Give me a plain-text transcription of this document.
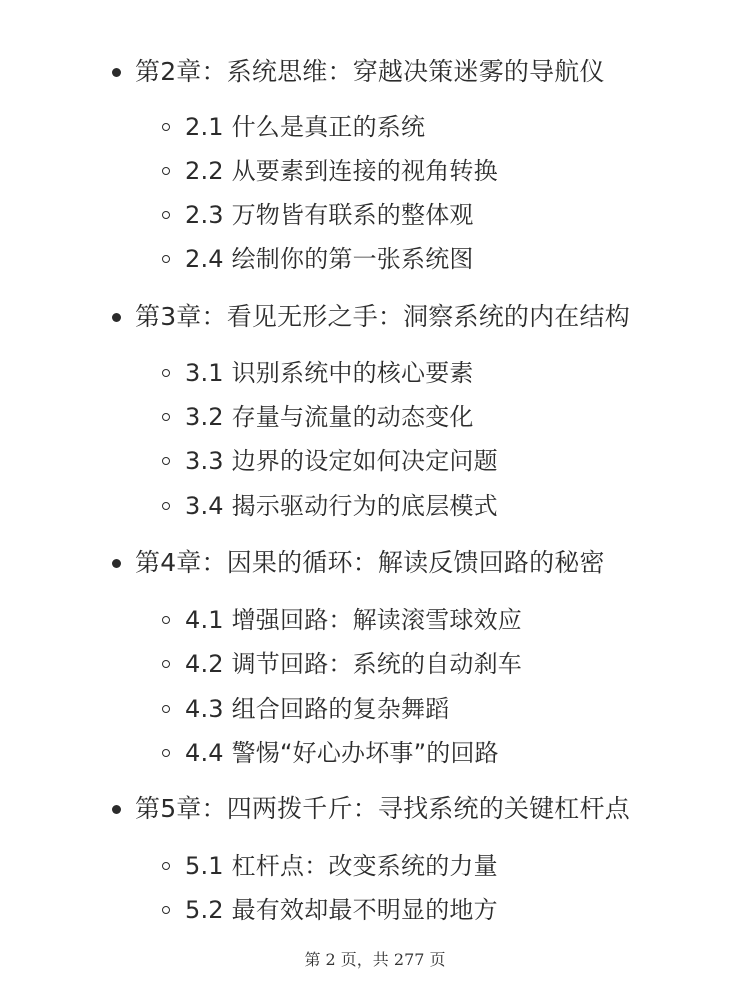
第2章：系统思维：穿越决策迷雾的导航仪
2.1 什么是真正的系统
2.2 从要素到连接的视角转换
2.3 万物皆有联系的整体观
2.4 绘制你的第一张系统图
第3章：看见无形之手：洞察系统的内在结构
3.1 识别系统中的核心要素
3.2 存量与流量的动态变化
3.3 边界的设定如何决定问题
3.4 揭示驱动行为的底层模式
第4章：因果的循环：解读反馈回路的秘密
4.1 增强回路：解读滚雪球效应
4.2 调节回路：系统的自动刹车
4.3 组合回路的复杂舞蹈
4.4 警惕“好心办坏事”的回路
第5章：四两拨千斤：寻找系统的关键杠杆点
5.1 杠杆点：改变系统的力量
5.2 最有效却最不明显的地方
第 2 页，共 277 页
